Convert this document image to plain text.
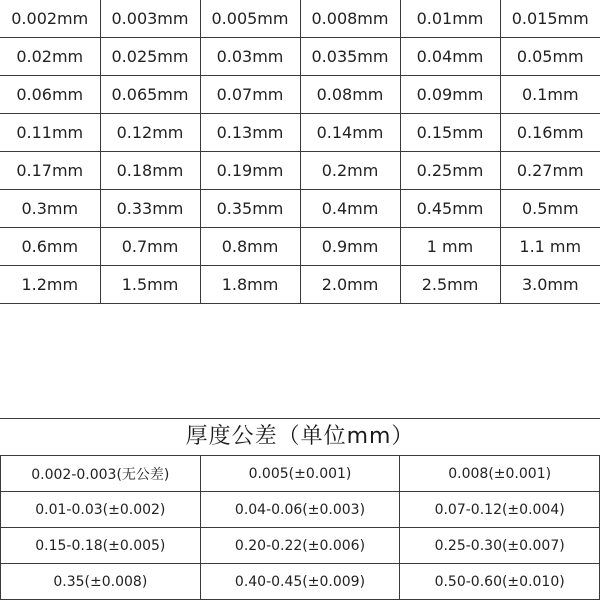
0.002mm	0.003mm	0.005mm	0.008mm	0.01mm	0.015mm
0.02mm	0.025mm	0.03mm	0.035mm	0.04mm	0.05mm
0.06mm	0.065mm	0.07mm	0.08mm	0.09mm	0.1mm
0.11mm	0.12mm	0.13mm	0.14mm	0.15mm	0.16mm
0.17mm	0.18mm	0.19mm	0.2mm	0.25mm	0.27mm
0.3mm	0.33mm	0.35mm	0.4mm	0.45mm	0.5mm
0.6mm	0.7mm	0.8mm	0.9mm	1 mm	1.1 mm
1.2mm	1.5mm	1.8mm	2.0mm	2.5mm	3.0mm
厚度公差（单位mm）
0.002-0.003(无公差)	0.005(±0.001)	0.008(±0.001)
0.01-0.03(±0.002)	0.04-0.06(±0.003)	0.07-0.12(±0.004)
0.15-0.18(±0.005)	0.20-0.22(±0.006)	0.25-0.30(±0.007)
0.35(±0.008)	0.40-0.45(±0.009)	0.50-0.60(±0.010)
